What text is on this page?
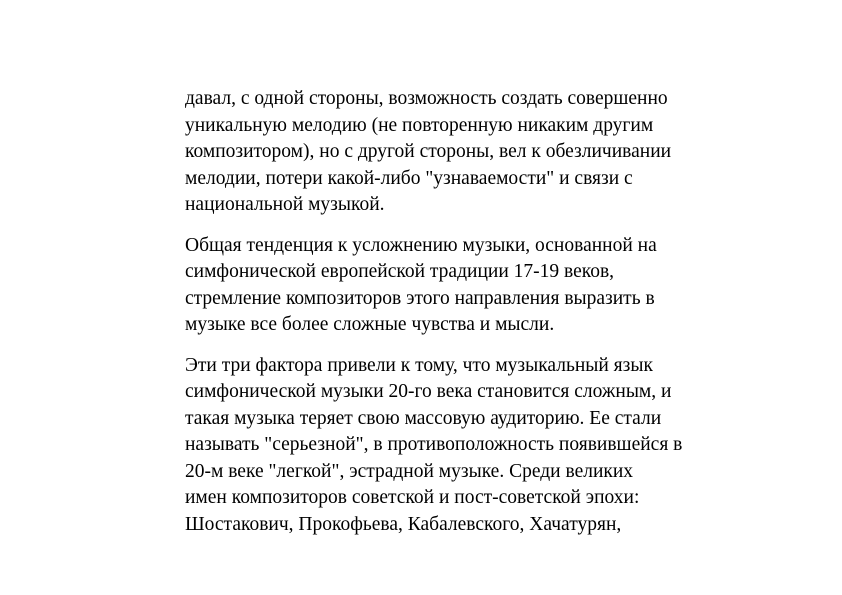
давал, с одной стороны, возможность создать совершенно
уникальную мелодию (не повторенную никаким другим
композитором), но с другой стороны, вел к обезличивании
мелодии, потери какой-либо "узнаваемости" и связи с
национальной музыкой.

Общая тенденция к усложнению музыки, основанной на
симфонической европейской традиции 17-19 веков,
стремление композиторов этого направления выразить в
музыке все более сложные чувства и мысли.

Эти три фактора привели к тому, что музыкальный язык
симфонической музыки 20-го века становится сложным, и
такая музыка теряет свою массовую аудиторию. Ее стали
называть "серьезной", в противоположность появившейся в
20-м веке "легкой", эстрадной музыке. Среди великих
имен композиторов советской и пост-советской эпохи:
Шостакович, Прокофьева, Кабалевского, Хачатурян,
